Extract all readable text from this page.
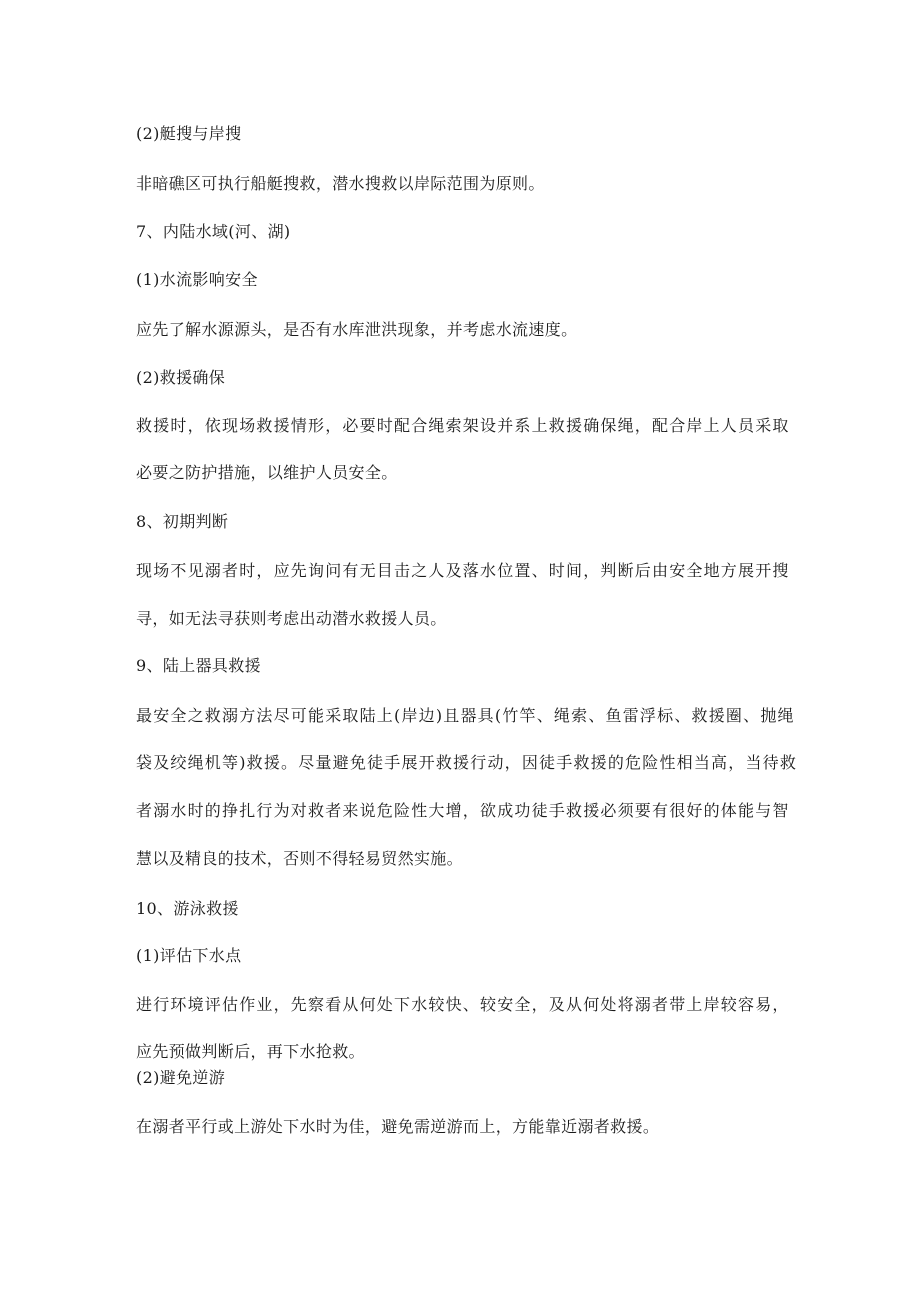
(2)艇搜与岸搜
非暗礁区可执行船艇搜救，潜水搜救以岸际范围为原则。
7、内陆水域(河、湖)
(1)水流影响安全
应先了解水源源头，是否有水库泄洪现象，并考虑水流速度。
(2)救援确保
救援时，依现场救援情形，必要时配合绳索架设并系上救援确保绳，配合岸上人员采取
必要之防护措施，以维护人员安全。
8、初期判断
现场不见溺者时，应先询问有无目击之人及落水位置、时间，判断后由安全地方展开搜
寻，如无法寻获则考虑出动潜水救援人员。
9、陆上器具救援
最安全之救溺方法尽可能采取陆上(岸边)且器具(竹竿、绳索、鱼雷浮标、救援圈、抛绳
袋及绞绳机等)救援。尽量避免徒手展开救援行动，因徒手救援的危险性相当高，当待救
者溺水时的挣扎行为对救者来说危险性大增，欲成功徒手救援必须要有很好的体能与智
慧以及精良的技术，否则不得轻易贸然实施。
10、游泳救援
(1)评估下水点
进行环境评估作业，先察看从何处下水较快、较安全，及从何处将溺者带上岸较容易，
应先预做判断后，再下水抢救。
(2)避免逆游
在溺者平行或上游处下水时为佳，避免需逆游而上，方能靠近溺者救援。
